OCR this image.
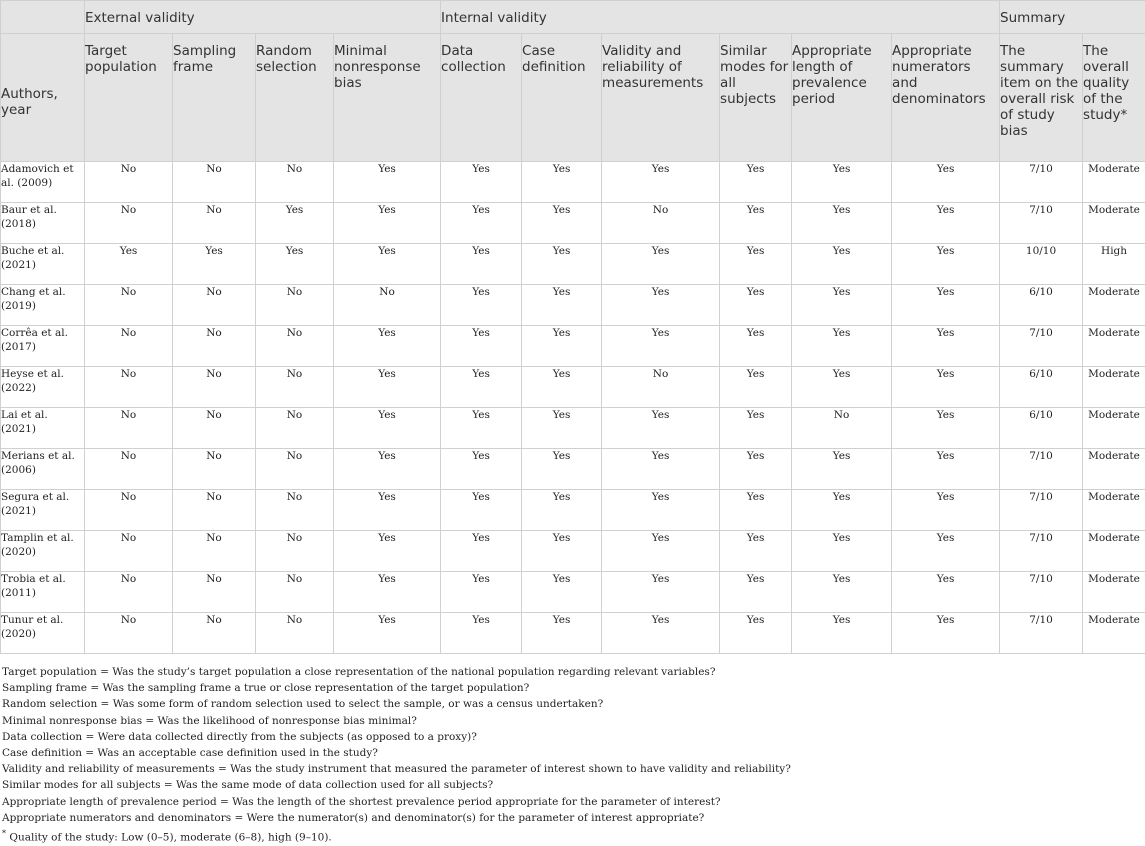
	External validity				Internal validity						Summary	
Authors, year	Target population	Sampling frame	Random selection	Minimal nonresponse bias	Data collection	Case definition	Validity and reliability of measurements	Similar modes for all subjects	Appropriate length of prevalence period	Appropriate numerators and denominators	The summary item on the overall risk of study bias	The overall quality of the study*
Adamovich et al. (2009)	No	No	No	Yes	Yes	Yes	Yes	Yes	Yes	Yes	7/10	Moderate
Baur et al. (2018)	No	No	Yes	Yes	Yes	Yes	No	Yes	Yes	Yes	7/10	Moderate
Buche et al. (2021)	Yes	Yes	Yes	Yes	Yes	Yes	Yes	Yes	Yes	Yes	10/10	High
Chang et al. (2019)	No	No	No	No	Yes	Yes	Yes	Yes	Yes	Yes	6/10	Moderate
Corrêa et al. (2017)	No	No	No	Yes	Yes	Yes	Yes	Yes	Yes	Yes	7/10	Moderate
Heyse et al. (2022)	No	No	No	Yes	Yes	Yes	No	Yes	Yes	Yes	6/10	Moderate
Lai et al. (2021)	No	No	No	Yes	Yes	Yes	Yes	Yes	No	Yes	6/10	Moderate
Merians et al. (2006)	No	No	No	Yes	Yes	Yes	Yes	Yes	Yes	Yes	7/10	Moderate
Segura et al. (2021)	No	No	No	Yes	Yes	Yes	Yes	Yes	Yes	Yes	7/10	Moderate
Tamplin et al. (2020)	No	No	No	Yes	Yes	Yes	Yes	Yes	Yes	Yes	7/10	Moderate
Trobia et al. (2011)	No	No	No	Yes	Yes	Yes	Yes	Yes	Yes	Yes	7/10	Moderate
Tunur et al. (2020)	No	No	No	Yes	Yes	Yes	Yes	Yes	Yes	Yes	7/10	Moderate
Target population = Was the study’s target population a close representation of the national population regarding relevant variables?
Sampling frame = Was the sampling frame a true or close representation of the target population?
Random selection = Was some form of random selection used to select the sample, or was a census undertaken?
Minimal nonresponse bias = Was the likelihood of nonresponse bias minimal?
Data collection = Were data collected directly from the subjects (as opposed to a proxy)?
Case definition = Was an acceptable case definition used in the study?
Validity and reliability of measurements = Was the study instrument that measured the parameter of interest shown to have validity and reliability?
Similar modes for all subjects = Was the same mode of data collection used for all subjects?
Appropriate length of prevalence period = Was the length of the shortest prevalence period appropriate for the parameter of interest?
Appropriate numerators and denominators = Were the numerator(s) and denominator(s) for the parameter of interest appropriate?
* Quality of the study: Low (0–5), moderate (6–8), high (9–10).
